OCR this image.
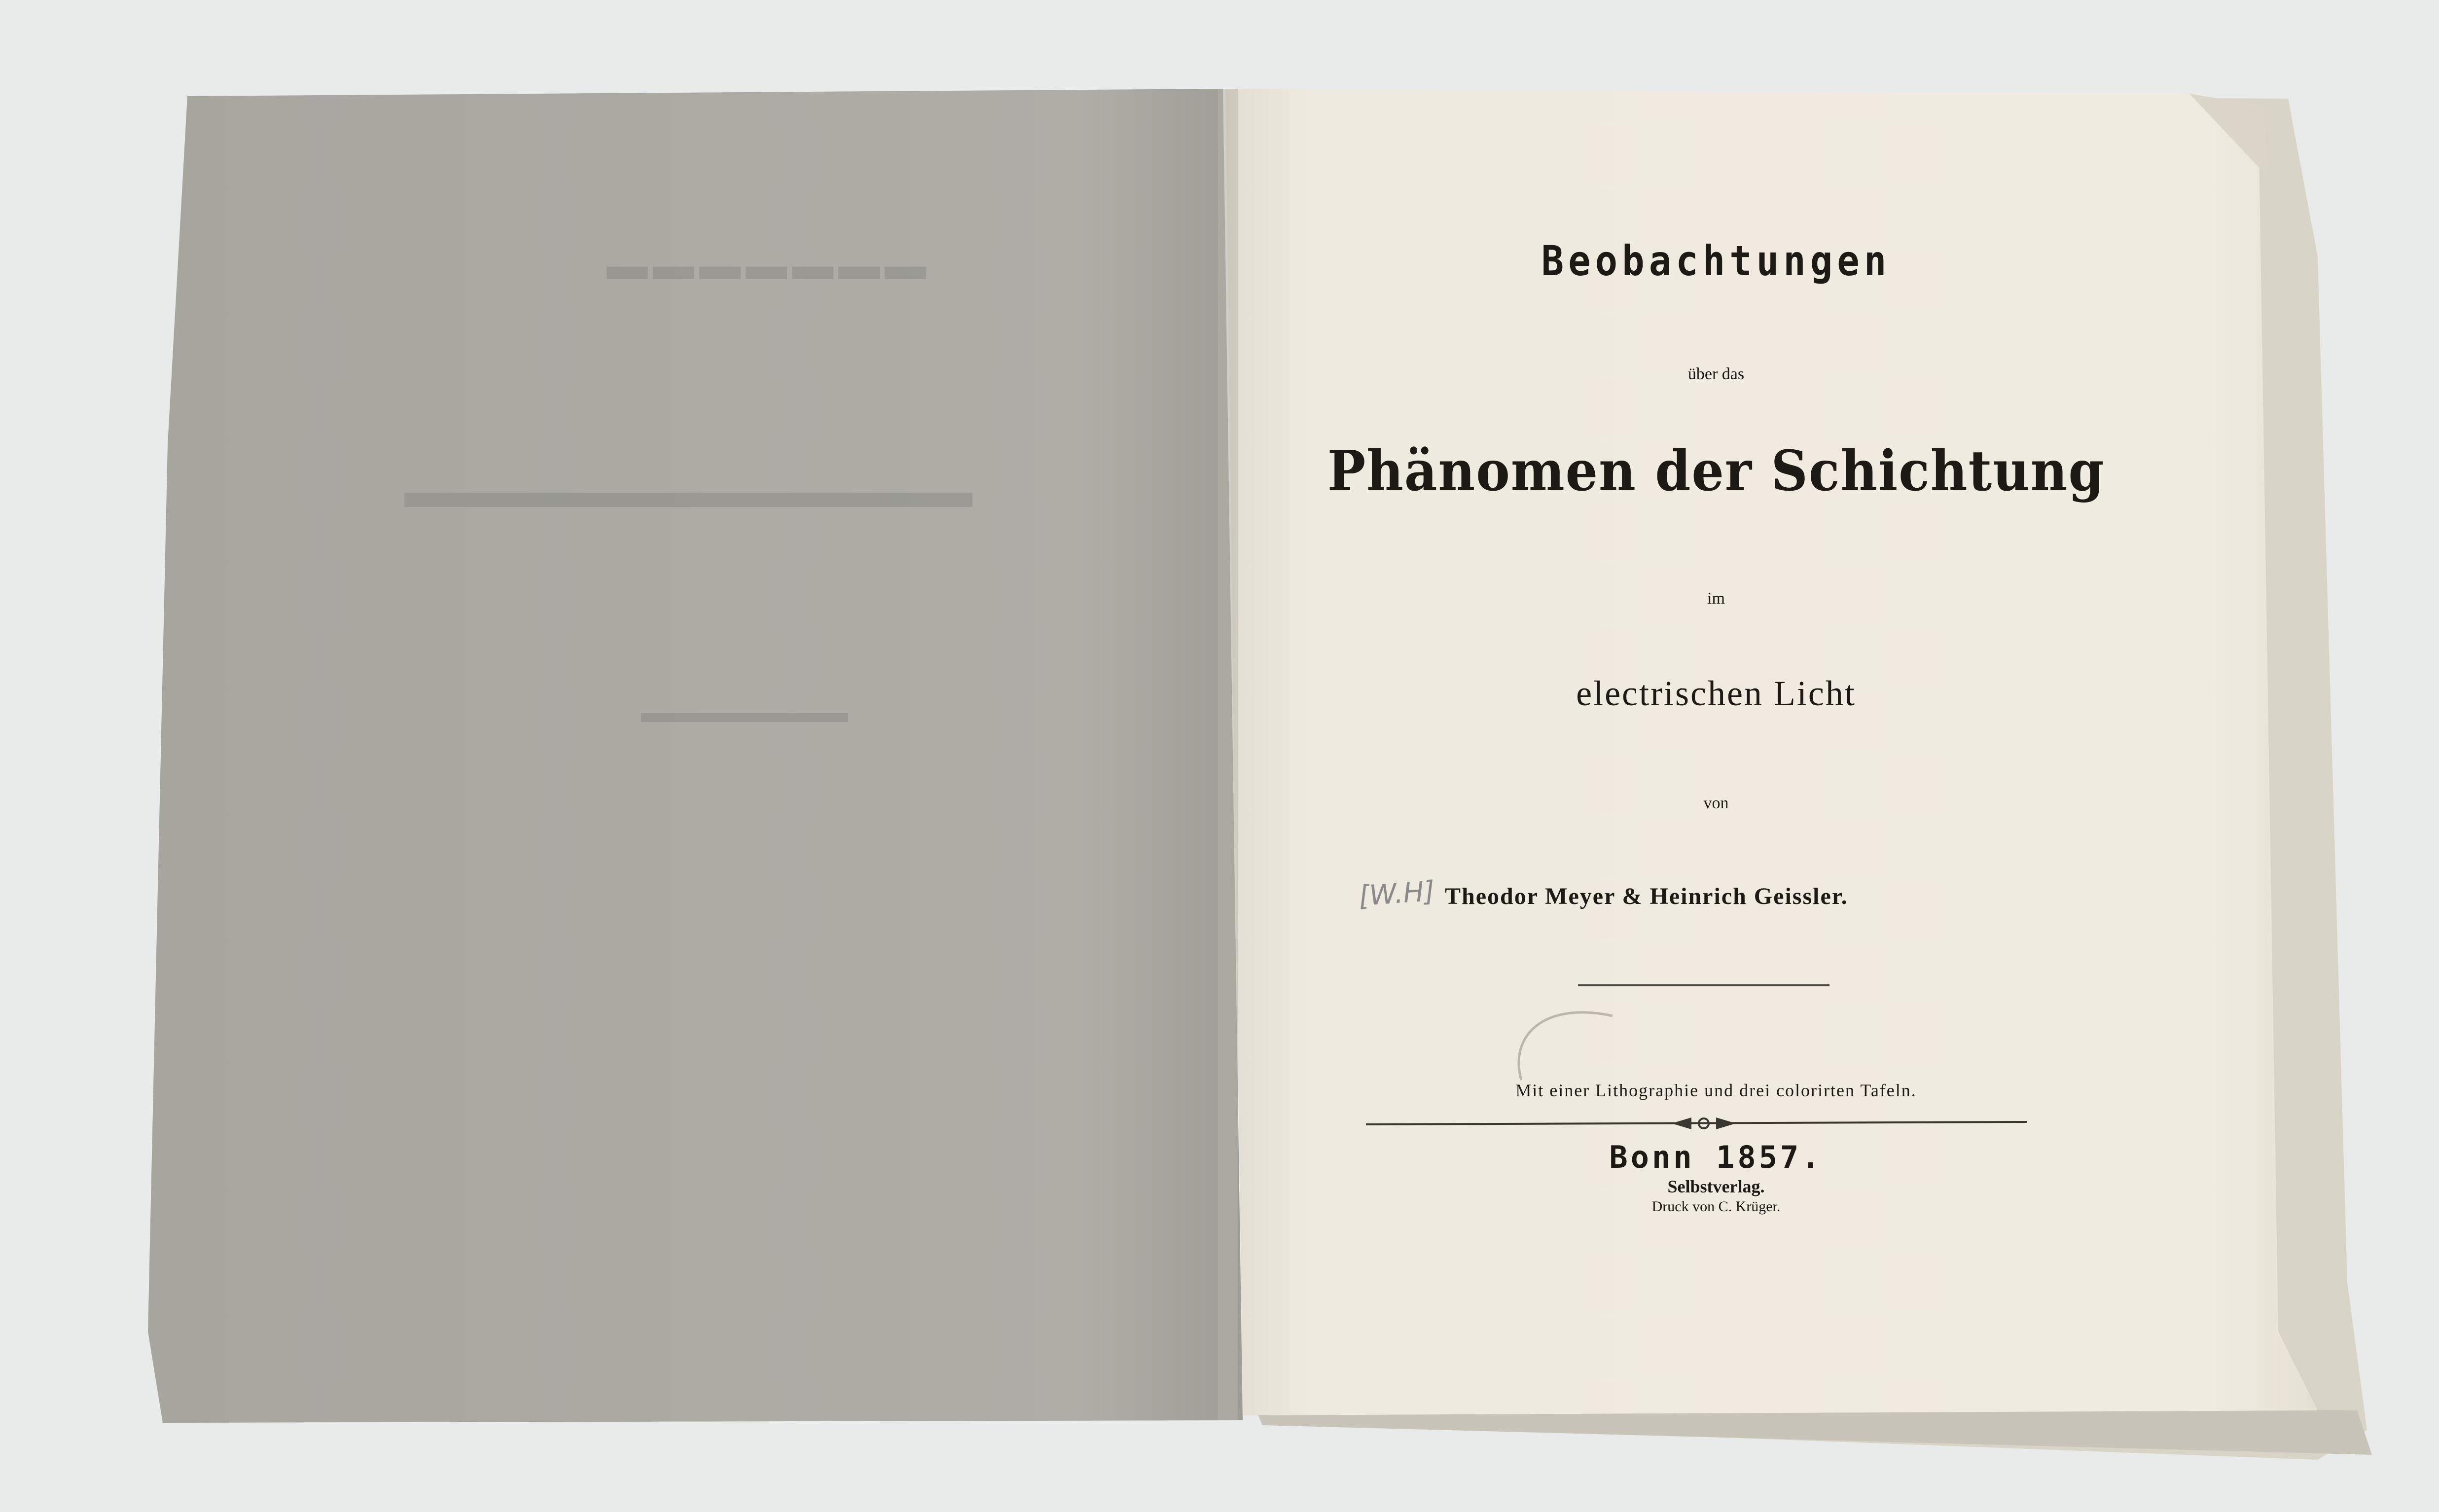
▬▬▬▬▬▬▬
▬▬▬▬▬▬▬▬▬▬▬▬
▬▬▬▬▬▬▬
Beobachtungen
über das
Phänomen der Schichtung
im
electrischen Licht
von
[W.H] Theodor Meyer & Heinrich Geissler.
Mit einer Lithographie und drei colorirten Tafeln.
Bonn 1857.
Selbstverlag.
Druck von C. Krüger.
